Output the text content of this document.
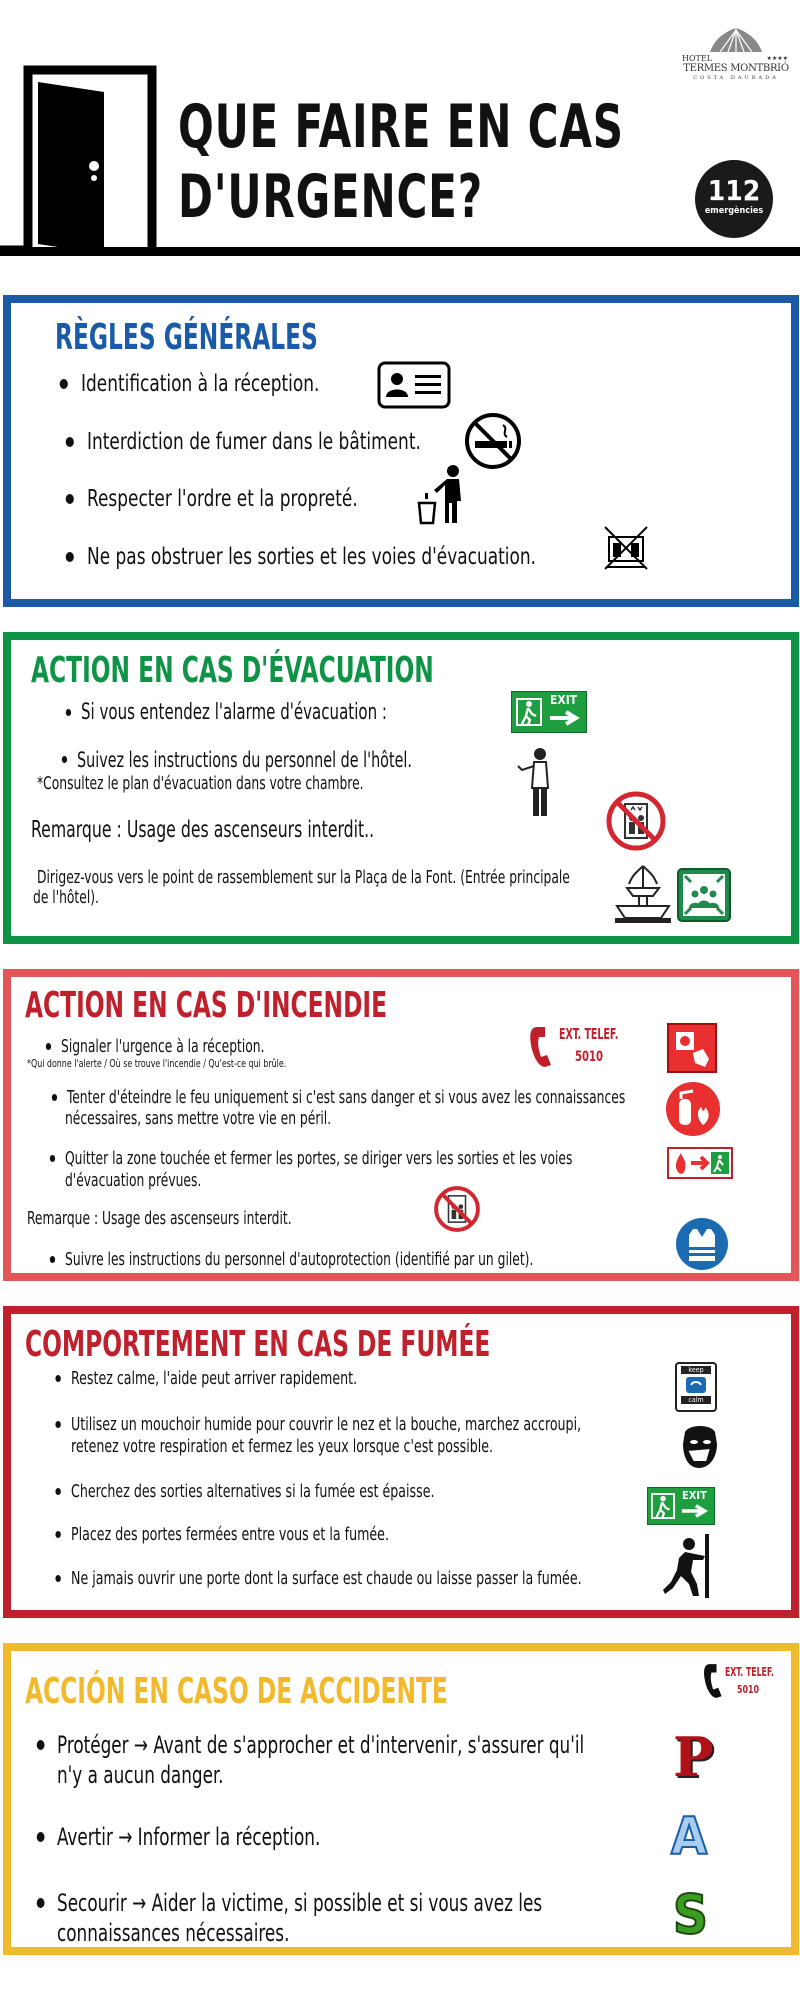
QUE FAIRE EN CAS
D'URGENCE?
HOTEL	★★★★
TERMES MONTBRIÓ
COSTA DAURADA
112
emergències
RÈGLES GÉNÉRALES
Identification à la réception.
Interdiction de fumer dans le bâtiment.
Respecter l'ordre et la propreté.
Ne pas obstruer les sorties et les voies d'évacuation.
ACTION EN CAS D'ÉVACUATION
Si vous entendez l'alarme d'évacuation :
Suivez les instructions du personnel de l'hôtel.
*Consultez le plan d'évacuation dans votre chambre.
Remarque : Usage des ascenseurs interdit..
Dirigez-vous vers le point de rassemblement sur la Plaça de la Font. (Entrée principale
de l'hôtel).
EXIT
ACTION EN CAS D'INCENDIE
Signaler l'urgence à la réception.
*Qui donne l'alerte / Où se trouve l'incendie / Qu'est-ce qui brûle.
EXT. TELEF.
5010
Tenter d'éteindre le feu uniquement si c'est sans danger et si vous avez les connaissances
nécessaires, sans mettre votre vie en péril.
Quitter la zone touchée et fermer les portes, se diriger vers les sorties et les voies
d'évacuation prévues.
Remarque : Usage des ascenseurs interdit.
Suivre les instructions du personnel d'autoprotection (identifié par un gilet).
COMPORTEMENT EN CAS DE FUMÉE
Restez calme, l'aide peut arriver rapidement.
Utilisez un mouchoir humide pour couvrir le nez et la bouche, marchez accroupi,
retenez votre respiration et fermez les yeux lorsque c'est possible.
Cherchez des sorties alternatives si la fumée est épaisse.
Placez des portes fermées entre vous et la fumée.
Ne jamais ouvrir une porte dont la surface est chaude ou laisse passer la fumée.
keep
calm
EXIT
ACCIÓN EN CASO DE ACCIDENTE	EXT. TELEF.
5010
Protéger → Avant de s'approcher et d'intervenir, s'assurer qu'il
n'y a aucun danger.
Avertir → Informer la réception.
Secourir → Aider la victime, si possible et si vous avez les
connaissances nécessaires.
P
A
S
